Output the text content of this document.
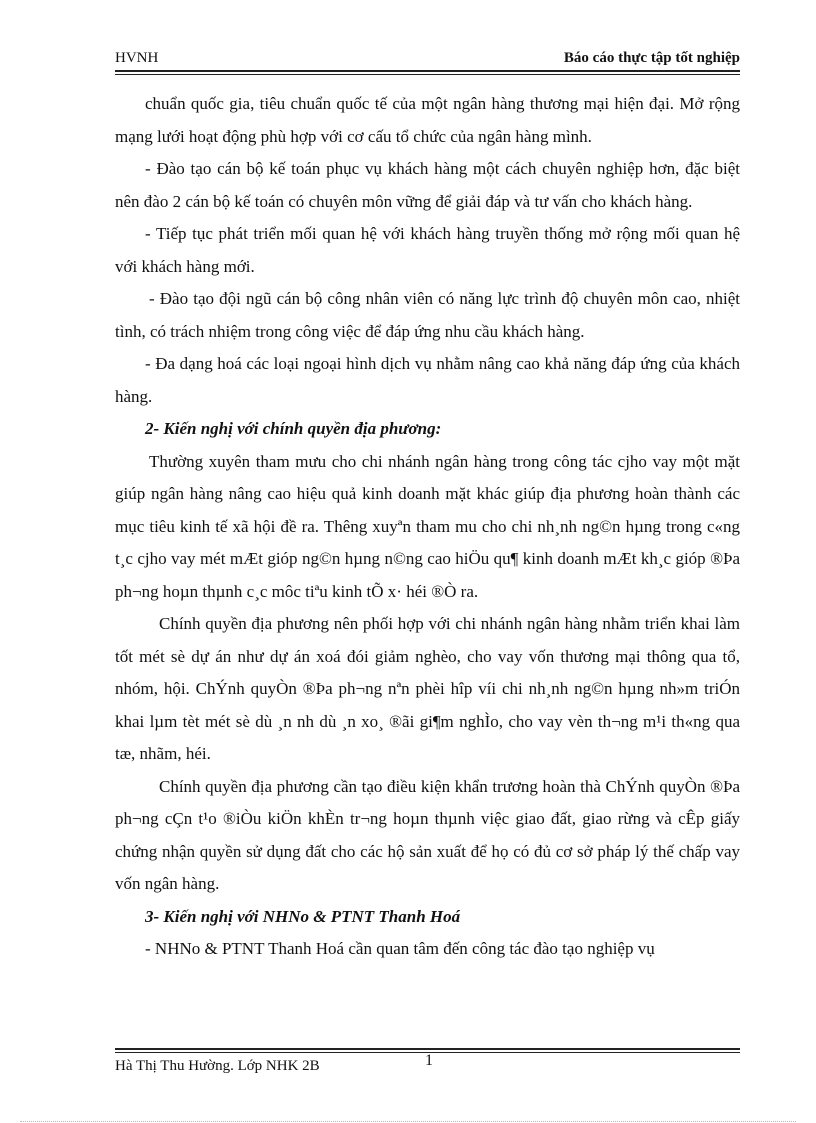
HVNH	Báo cáo thực tập tốt nghiệp

chuẩn quốc gia, tiêu chuẩn quốc tế của một ngân hàng thương mại hiện đại. Mở rộng mạng lưới hoạt động phù hợp với cơ cấu tổ chức của ngân hàng mình.

- Đào tạo cán bộ kế toán phục vụ khách hàng một cách chuyên nghiệp hơn, đặc biệt nên đào 2 cán bộ kế toán có chuyên môn vững để giải đáp và tư vấn cho khách hàng.

- Tiếp tục phát triển mối quan hệ với khách hàng truyền thống mở rộng mối quan hệ với khách hàng mới.

- Đào tạo đội ngũ cán bộ công nhân viên có năng lực trình độ chuyên môn cao, nhiệt tình, có trách nhiệm trong công việc để đáp ứng nhu cầu khách hàng.

- Đa dạng hoá các loại ngoại hình dịch vụ nhằm nâng cao khả năng đáp ứng của khách hàng.

2- Kiến nghị với chính quyền địa phương:

Thường xuyên tham mưu cho chi nhánh ngân hàng trong công tác cjho vay một mặt giúp ngân hàng nâng cao hiệu quả kinh doanh mặt khác giúp địa phương hoàn thành các mục tiêu kinh tế xã hội đề ra. Thêng xuyªn tham mu cho chi nh¸nh ng©n hµng trong c«ng t¸c cjho vay mét mÆt gióp ng©n hµng n©ng cao hiÖu qu¶ kinh doanh mÆt kh¸c gióp ®Þa ph¬ng hoµn thµnh c¸c môc tiªu kinh tÕ x· héi ®Ò ra.

Chính quyền địa phương nên phối hợp với chi nhánh ngân hàng nhằm triển khai làm tốt mét sè dự án như dự án xoá đói giảm nghèo, cho vay vốn thương mại thông qua tổ, nhóm, hội. ChÝnh quyÒn ®Þa ph¬ng nªn phèi hîp víi chi nh¸nh ng©n hµng nh»m triÓn khai lµm tèt mét sè dù ¸n nh dù ¸n xo¸ ®ãi gi¶m nghÌo, cho vay vèn th¬ng m¹i th«ng qua tæ, nhãm, héi.

Chính quyền địa phương cần tạo điều kiện khẩn trương hoàn thà ChÝnh quyÒn ®Þa ph¬ng cÇn t¹o ®iÒu kiÖn khÈn tr¬ng hoµn thµnh việc giao đất, giao rừng và cÊp giấy chứng nhận quyền sử dụng đất cho các hộ sản xuất để họ có đủ cơ sở pháp lý thế chấp vay vốn ngân hàng.

3- Kiến nghị với NHNo & PTNT Thanh Hoá

- NHNo & PTNT Thanh Hoá cần quan tâm đến công tác đào tạo nghiệp vụ

Hà Thị Thu Hường. Lớp NHK 2B	1
